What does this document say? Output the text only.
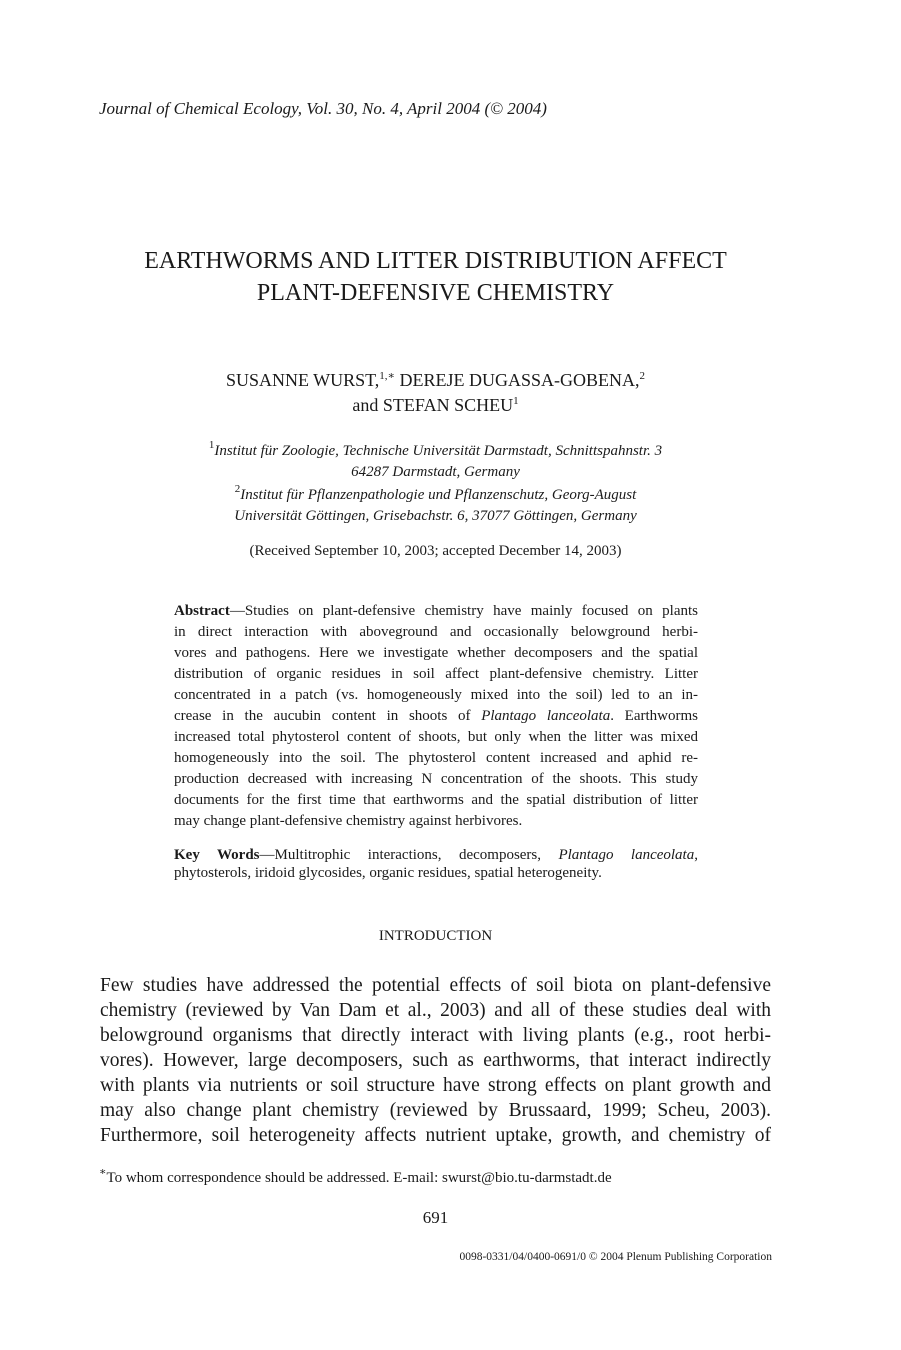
Journal of Chemical Ecology, Vol. 30, No. 4, April 2004 (© 2004)
EARTHWORMS AND LITTER DISTRIBUTION AFFECT
PLANT-DEFENSIVE CHEMISTRY
SUSANNE WURST,$^{1,∗}$ DEREJE DUGASSA-GOBENA,$^2$
and STEFAN SCHEU$^1$
$^1$Institut für Zoologie, Technische Universität Darmstadt, Schnittspahnstr. 3
64287 Darmstadt, Germany
$^2$Institut für Pflanzenpathologie und Pflanzenschutz, Georg-August
Universität Göttingen, Grisebachstr. 6, 37077 Göttingen, Germany
(Received September 10, 2003; accepted December 14, 2003)
Abstract—Studies on plant-defensive chemistry have mainly focused on plants
in direct interaction with aboveground and occasionally belowground herbi-
vores and pathogens. Here we investigate whether decomposers and the spatial
distribution of organic residues in soil affect plant-defensive chemistry. Litter
concentrated in a patch (vs. homogeneously mixed into the soil) led to an in-
crease in the aucubin content in shoots of Plantago lanceolata. Earthworms
increased total phytosterol content of shoots, but only when the litter was mixed
homogeneously into the soil. The phytosterol content increased and aphid re-
production decreased with increasing N concentration of the shoots. This study
documents for the first time that earthworms and the spatial distribution of litter
may change plant-defensive chemistry against herbivores.
Key Words—Multitrophic interactions, decomposers, Plantago lanceolata,
phytosterols, iridoid glycosides, organic residues, spatial heterogeneity.
INTRODUCTION
Few studies have addressed the potential effects of soil biota on plant-defensive
chemistry (reviewed by Van Dam et al., 2003) and all of these studies deal with
belowground organisms that directly interact with living plants (e.g., root herbi-
vores). However, large decomposers, such as earthworms, that interact indirectly
with plants via nutrients or soil structure have strong effects on plant growth and
may also change plant chemistry (reviewed by Brussaard, 1999; Scheu, 2003).
Furthermore, soil heterogeneity affects nutrient uptake, growth, and chemistry of
∗To whom correspondence should be addressed. E-mail: swurst@bio.tu-darmstadt.de
691
0098-0331/04/0400-0691/0 © 2004 Plenum Publishing Corporation
